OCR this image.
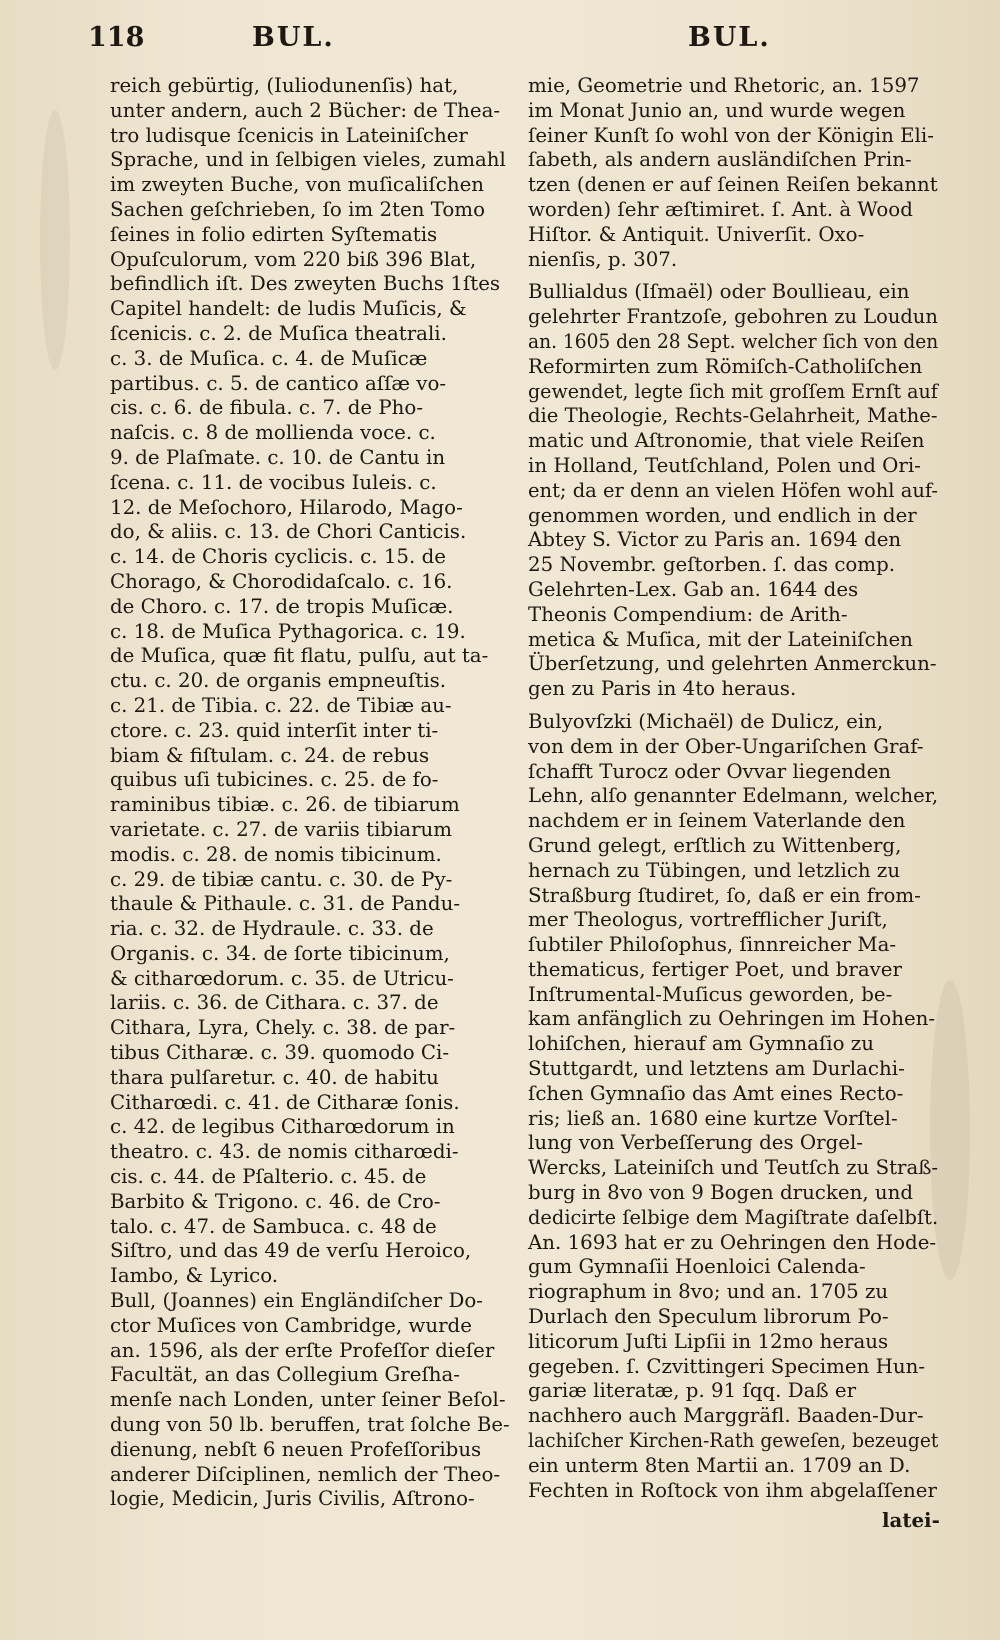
118	BUL.	BUL.
reich gebürtig, (Iuliodunenſis) hat,
unter andern, auch 2 Bücher: de Thea-
tro ludisque ſcenicis in Lateiniſcher
Sprache, und in ſelbigen vieles, zumahl
im zweyten Buche, von muſicaliſchen
Sachen geſchrieben, ſo im 2ten Tomo
ſeines in folio edirten Syſtematis
Opuſculorum, vom 220 biß 396 Blat,
befindlich iſt. Des zweyten Buchs 1ſtes
Capitel handelt: de ludis Muſicis, &
ſcenicis. c. 2. de Muſica theatrali.
c. 3. de Muſica. c. 4. de Muſicæ
partibus. c. 5. de cantico aſſæ vo-
cis. c. 6. de fibula. c. 7. de Pho-
naſcis. c. 8 de mollienda voce. c.
9. de Plaſmate. c. 10. de Cantu in
ſcena. c. 11. de vocibus Iuleis. c.
12. de Meſochoro, Hilarodo, Mago-
do, & aliis. c. 13. de Chori Canticis.
c. 14. de Choris cyclicis. c. 15. de
Chorago, & Chorodidaſcalo. c. 16.
de Choro. c. 17. de tropis Muſicæ.
c. 18. de Muſica Pythagorica. c. 19.
de Muſica, quæ fit flatu, pulſu, aut ta-
ctu. c. 20. de organis empneuſtis.
c. 21. de Tibia. c. 22. de Tibiæ au-
ctore. c. 23. quid interſit inter ti-
biam & fiſtulam. c. 24. de rebus
quibus uſi tubicines. c. 25. de fo-
raminibus tibiæ. c. 26. de tibiarum
varietate. c. 27. de variis tibiarum
modis. c. 28. de nomis tibicinum.
c. 29. de tibiæ cantu. c. 30. de Py-
thaule & Pithaule. c. 31. de Pandu-
ria. c. 32. de Hydraule. c. 33. de
Organis. c. 34. de ſorte tibicinum,
& citharœdorum. c. 35. de Utricu-
lariis. c. 36. de Cithara. c. 37. de
Cithara, Lyra, Chely. c. 38. de par-
tibus Citharæ. c. 39. quomodo Ci-
thara pulſaretur. c. 40. de habitu
Citharœdi. c. 41. de Citharæ ſonis.
c. 42. de legibus Citharœdorum in
theatro. c. 43. de nomis citharœdi-
cis. c. 44. de Pſalterio. c. 45. de
Barbito & Trigono. c. 46. de Cro-
talo. c. 47. de Sambuca. c. 48 de
Siſtro, und das 49 de verſu Heroico,
Iambo, & Lyrico.
Bull, (Joannes) ein Engländiſcher Do-
ctor Muſices von Cambridge, wurde
an. 1596, als der erſte Profeſſor dieſer
Facultät, an das Collegium Greſha-
menſe nach Londen, unter ſeiner Beſol-
dung von 50 lb. beruffen, trat ſolche Be-
dienung, nebſt 6 neuen Profeſſoribus
anderer Diſciplinen, nemlich der Theo-
logie, Medicin, Juris Civilis, Aſtrono-
mie, Geometrie und Rhetoric, an. 1597
im Monat Junio an, und wurde wegen
ſeiner Kunſt ſo wohl von der Königin Eli-
ſabeth, als andern ausländiſchen Prin-
tzen (denen er auf ſeinen Reiſen bekannt
worden) ſehr æſtimiret. ſ. Ant. à Wood
Hiſtor. & Antiquit. Univerſit. Oxo-
nienſis, p. 307.
Bullialdus (Iſmaël) oder Boullieau, ein
gelehrter Frantzoſe, gebohren zu Loudun
an. 1605 den 28 Sept. welcher ſich von den
Reformirten zum Römiſch-Catholiſchen
gewendet, legte ſich mit groſſem Ernſt auf
die Theologie, Rechts-Gelahrheit, Mathe-
matic und Aſtronomie, that viele Reiſen
in Holland, Teutſchland, Polen und Ori-
ent; da er denn an vielen Höfen wohl auf-
genommen worden, und endlich in der
Abtey S. Victor zu Paris an. 1694 den
25 Novembr. geſtorben. ſ. das comp.
Gelehrten-Lex. Gab an. 1644 des
Theonis Compendium: de Arith-
metica & Muſica, mit der Lateiniſchen
Überſetzung, und gelehrten Anmerckun-
gen zu Paris in 4to heraus.
Bulyovſzki (Michaël) de Dulicz, ein,
von dem in der Ober-Ungariſchen Graf-
ſchafft Turocz oder Ovvar liegenden
Lehn, alſo genannter Edelmann, welcher,
nachdem er in ſeinem Vaterlande den
Grund gelegt, erſtlich zu Wittenberg,
hernach zu Tübingen, und letzlich zu
Straßburg ſtudiret, ſo, daß er ein from-
mer Theologus, vortrefflicher Juriſt,
ſubtiler Philoſophus, ſinnreicher Ma-
thematicus, fertiger Poet, und braver
Inſtrumental-Muſicus geworden, be-
kam anfänglich zu Oehringen im Hohen-
lohiſchen, hierauf am Gymnaſio zu
Stuttgardt, und letztens am Durlachi-
ſchen Gymnaſio das Amt eines Recto-
ris; ließ an. 1680 eine kurtze Vorſtel-
lung von Verbeſſerung des Orgel-
Wercks, Lateiniſch und Teutſch zu Straß-
burg in 8vo von 9 Bogen drucken, und
dedicirte ſelbige dem Magiſtrate daſelbſt.
An. 1693 hat er zu Oehringen den Hode-
gum Gymnaſii Hoenloici Calenda-
riographum in 8vo; und an. 1705 zu
Durlach den Speculum librorum Po-
liticorum Juſti Lipſii in 12mo heraus
gegeben. ſ. Czvittingeri Specimen Hun-
gariæ literatæ, p. 91 ſqq. Daß er
nachhero auch Marggräfl. Baaden-Dur-
lachiſcher Kirchen-Rath geweſen, bezeuget
ein unterm 8ten Martii an. 1709 an D.
Fechten in Roſtock von ihm abgelaſſener
latei-
